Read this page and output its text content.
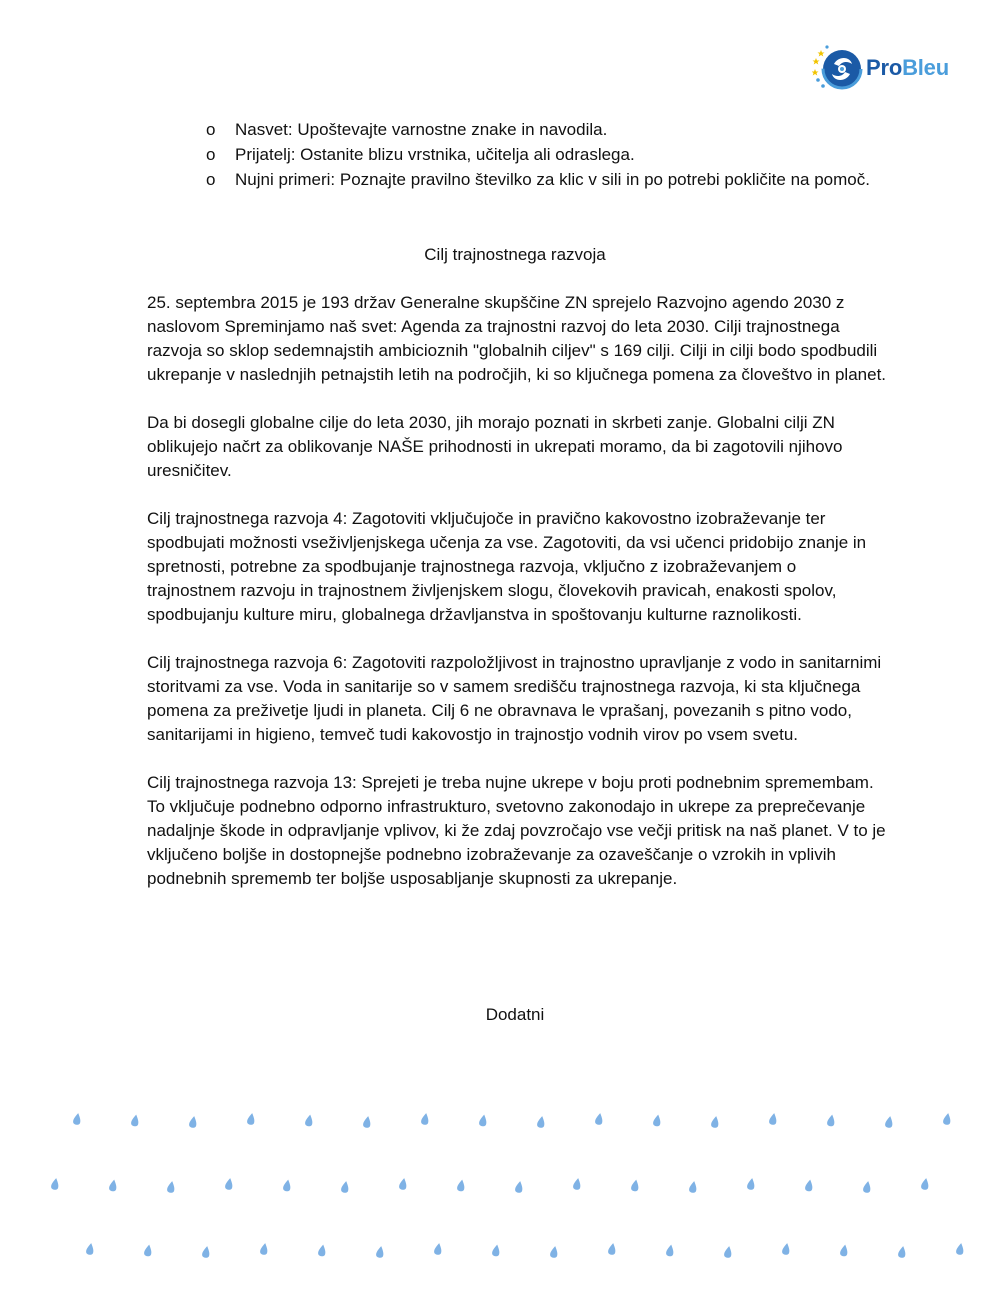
ProBleu
o Nasvet: Upoštevajte varnostne znake in navodila.
o Prijatelj: Ostanite blizu vrstnika, učitelja ali odraslega.
o Nujni primeri: Poznajte pravilno številko za klic v sili in po potrebi pokličite na pomoč.
Cilj trajnostnega razvoja

25. septembra 2015 je 193 držav Generalne skupščine ZN sprejelo Razvojno agendo 2030 z naslovom Spreminjamo naš svet: Agenda za trajnostni razvoj do leta 2030. Cilji trajnostnega razvoja so sklop sedemnajstih ambicioznih "globalnih ciljev" s 169 cilji. Cilji in cilji bodo spodbudili ukrepanje v naslednjih petnajstih letih na področjih, ki so ključnega pomena za človeštvo in planet.

Da bi dosegli globalne cilje do leta 2030, jih morajo poznati in skrbeti zanje. Globalni cilji ZN oblikujejo načrt za oblikovanje NAŠE prihodnosti in ukrepati moramo, da bi zagotovili njihovo uresničitev.

Cilj trajnostnega razvoja 4: Zagotoviti vključujoče in pravično kakovostno izobraževanje ter spodbujati možnosti vseživljenjskega učenja za vse. Zagotoviti, da vsi učenci pridobijo znanje in spretnosti, potrebne za spodbujanje trajnostnega razvoja, vključno z izobraževanjem o trajnostnem razvoju in trajnostnem življenjskem slogu, človekovih pravicah, enakosti spolov, spodbujanju kulture miru, globalnega državljanstva in spoštovanju kulturne raznolikosti.

Cilj trajnostnega razvoja 6: Zagotoviti razpoložljivost in trajnostno upravljanje z vodo in sanitarnimi storitvami za vse. Voda in sanitarije so v samem središču trajnostnega razvoja, ki sta ključnega pomena za preživetje ljudi in planeta. Cilj 6 ne obravnava le vprašanj, povezanih s pitno vodo, sanitarijami in higieno, temveč tudi kakovostjo in trajnostjo vodnih virov po vsem svetu.

Cilj trajnostnega razvoja 13: Sprejeti je treba nujne ukrepe v boju proti podnebnim spremembam. To vključuje podnebno odporno infrastrukturo, svetovno zakonodajo in ukrepe za preprečevanje nadaljnje škode in odpravljanje vplivov, ki že zdaj povzročajo vse večji pritisk na naš planet. V to je vključeno boljše in dostopnejše podnebno izobraževanje za ozaveščanje o vzrokih in vplivih podnebnih sprememb ter boljše usposabljanje skupnosti za ukrepanje.

Dodatni
